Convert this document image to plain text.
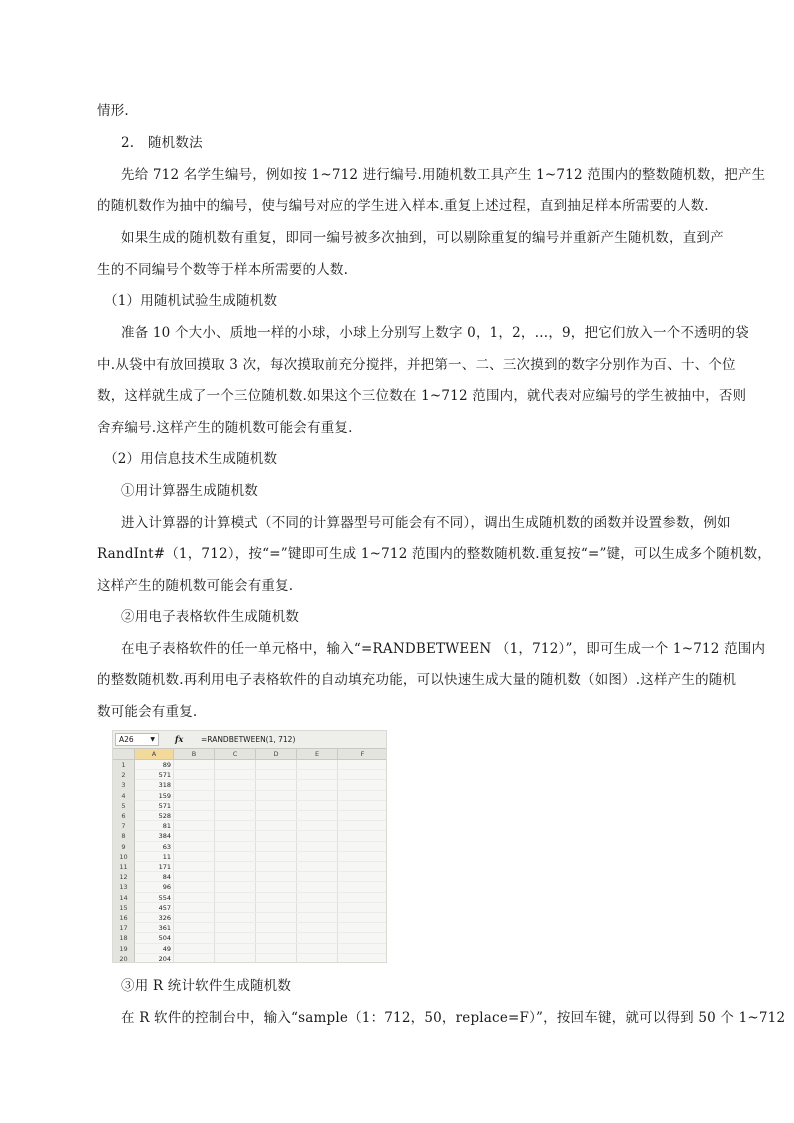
情形.
2.　随机数法
先给 712 名学生编号，例如按 1~712 进行编号.用随机数工具产生 1~712 范围内的整数随机数，把产生
的随机数作为抽中的编号，使与编号对应的学生进入样本.重复上述过程，直到抽足样本所需要的人数.
如果生成的随机数有重复，即同一编号被多次抽到，可以剔除重复的编号并重新产生随机数，直到产
生的不同编号个数等于样本所需要的人数.
（1）用随机试验生成随机数
准备 10 个大小、质地一样的小球，小球上分别写上数字 0，1，2，…，9，把它们放入一个不透明的袋
中.从袋中有放回摸取 3 次，每次摸取前充分搅拌，并把第一、二、三次摸到的数字分别作为百、十、个位
数，这样就生成了一个三位随机数.如果这个三位数在 1~712 范围内，就代表对应编号的学生被抽中，否则
舍弃编号.这样产生的随机数可能会有重复.
（2）用信息技术生成随机数
①用计算器生成随机数
进入计算器的计算模式（不同的计算器型号可能会有不同），调出生成随机数的函数并设置参数，例如
RandInt#（1，712），按“=”键即可生成 1~712 范围内的整数随机数.重复按“=”键，可以生成多个随机数，
这样产生的随机数可能会有重复.
②用电子表格软件生成随机数
在电子表格软件的任一单元格中，输入“=RANDBETWEEN （1，712）”，即可生成一个 1~712 范围内
的整数随机数.再利用电子表格软件的自动填充功能，可以快速生成大量的随机数（如图）.这样产生的随机
数可能会有重复.
A26	▼	fx =RANDBETWEEN(1, 712)
A	B	C	D	E	F
1	89
2	571
3	318
4	159
5	571
6	528
7	81
8	384
9	63
10	11
11	171
12	84
13	96
14	554
15	457
16	326
17	361
18	504
19	49
20	204
③用 R 统计软件生成随机数
在 R 软件的控制台中，输入“sample（1：712，50，replace=F）”，按回车键，就可以得到 50 个 1~712
